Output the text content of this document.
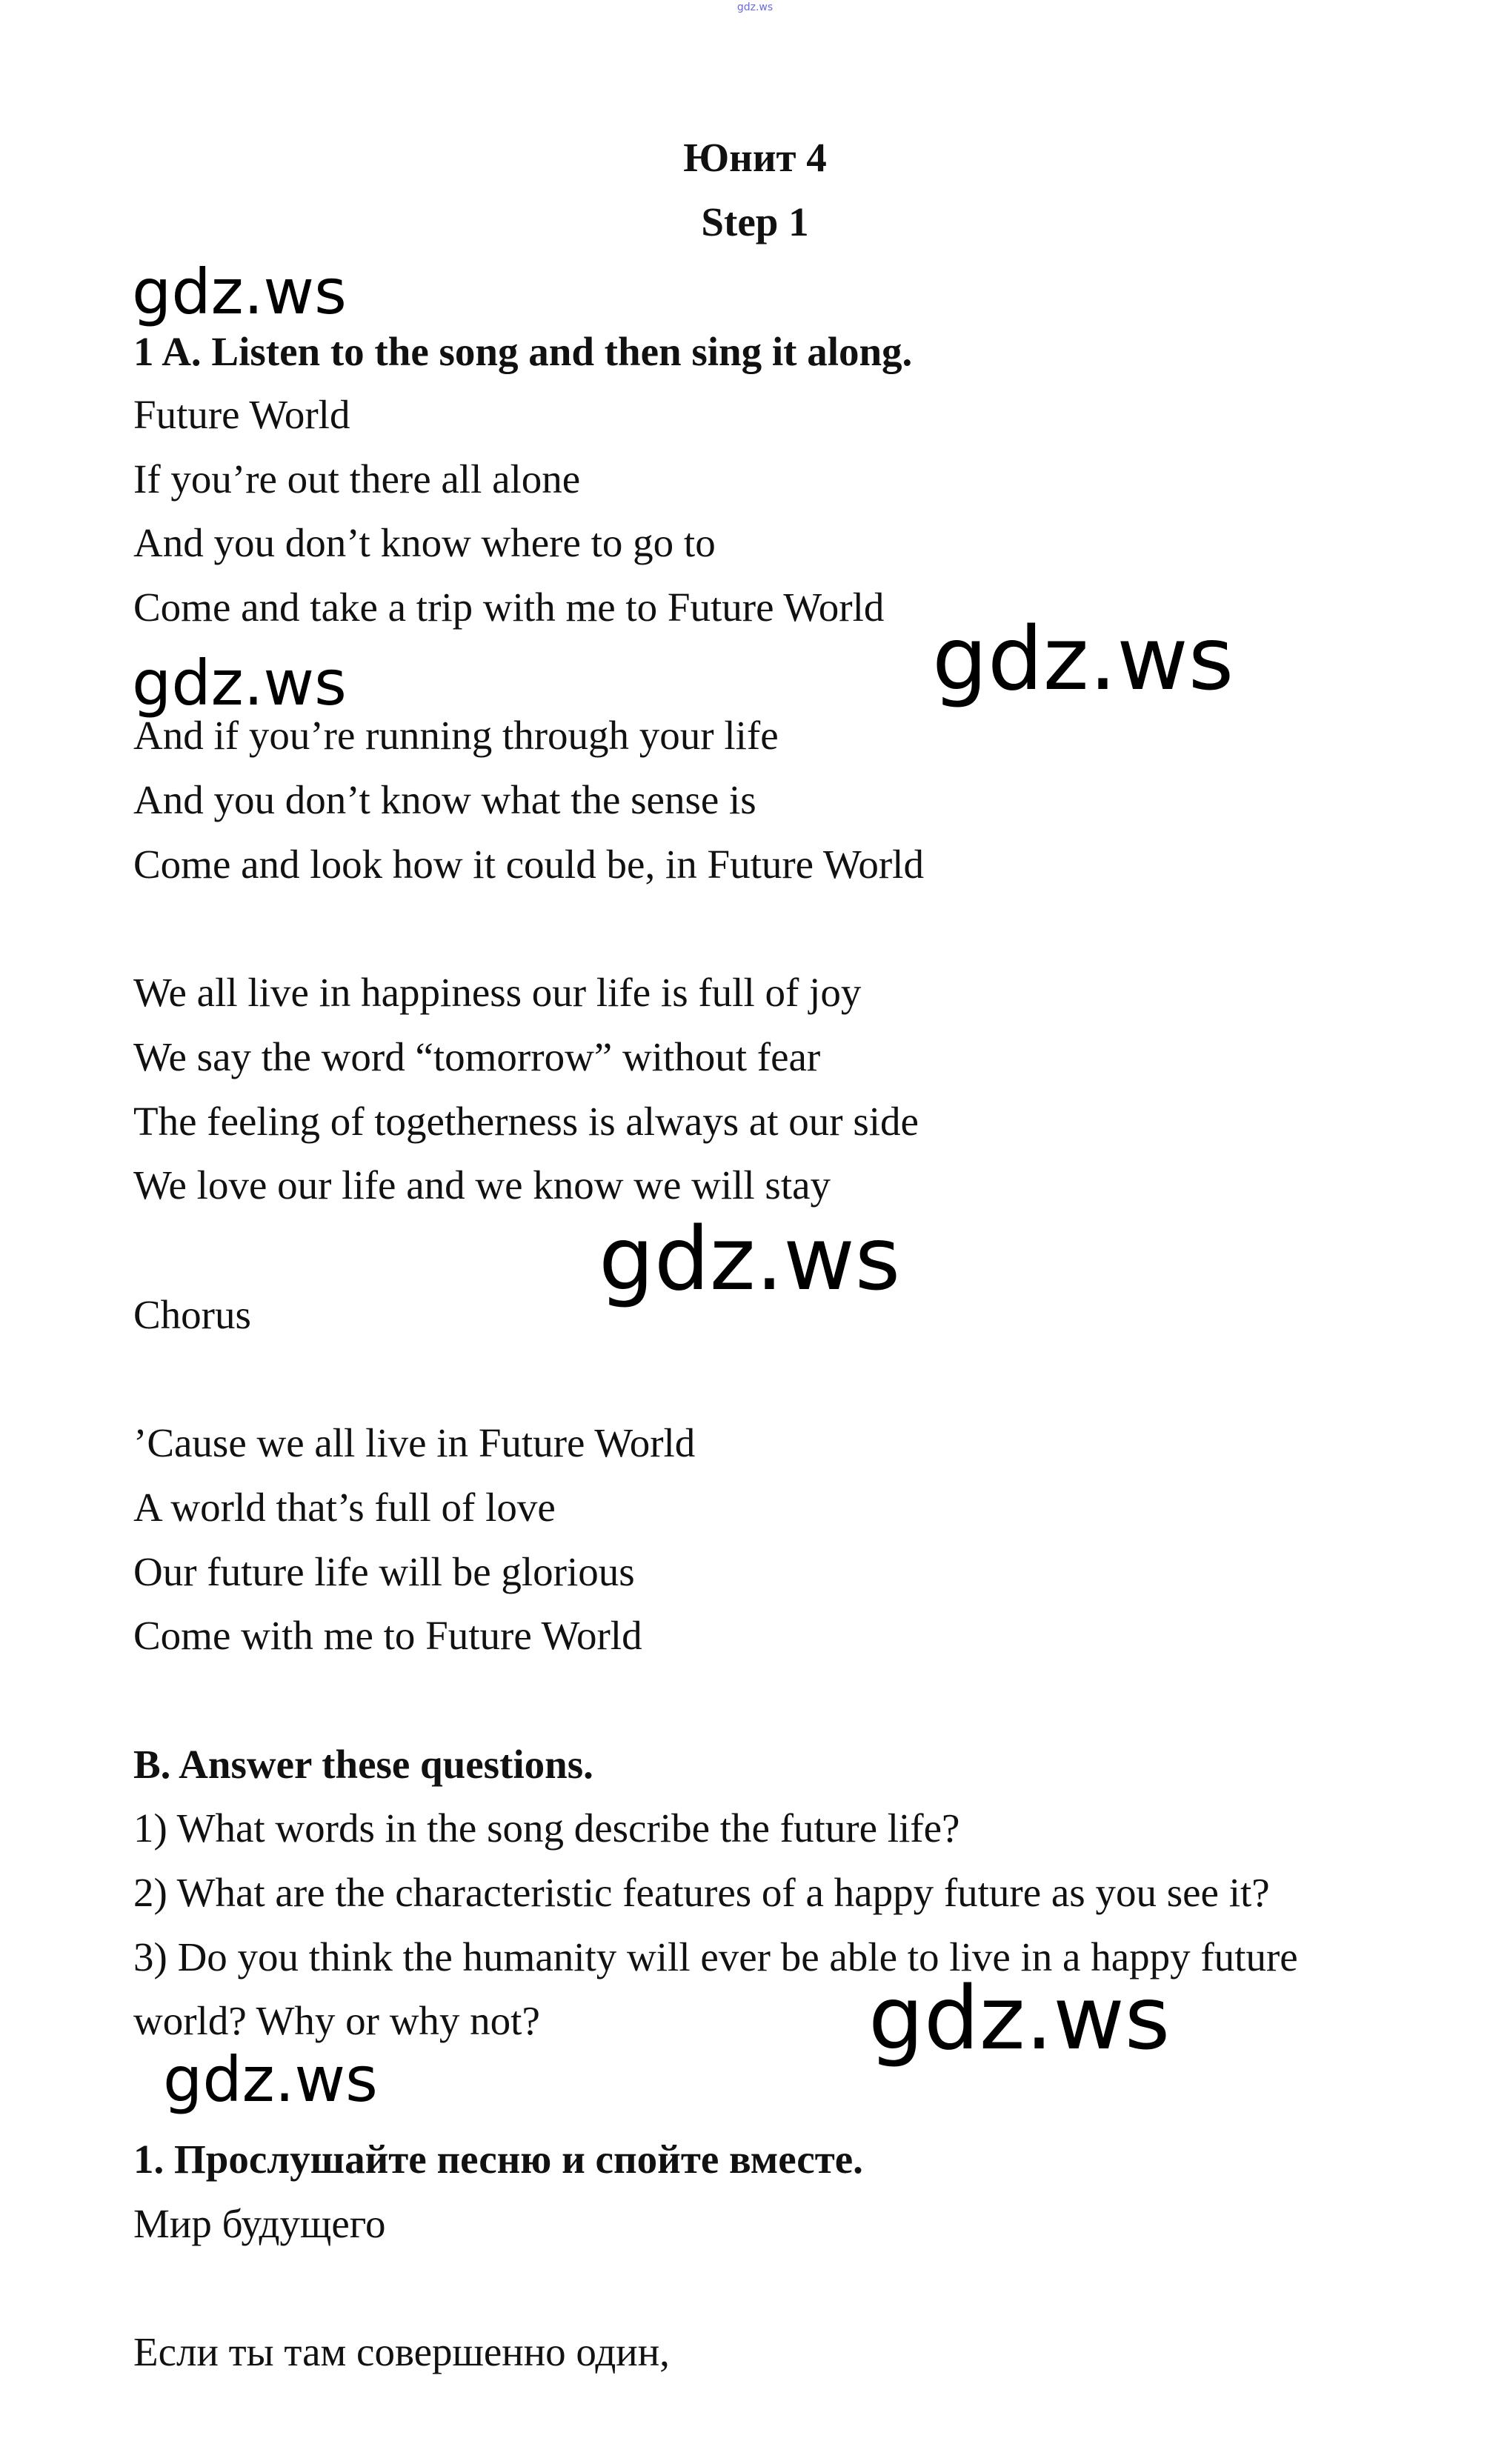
gdz.ws

Юнит 4

Step 1

gdz.ws

1 A. Listen to the song and then sing it along.

Future World

If you’re out there all alone

And you don’t know where to go to

Come and take a trip with me to Future World

gdz.ws

gdz.ws

And if you’re running through your life

And you don’t know what the sense is

Come and look how it could be, in Future World

We all live in happiness our life is full of joy

We say the word “tomorrow” without fear

The feeling of togetherness is always at our side

We love our life and we know we will stay

gdz.ws

Chorus

’Cause we all live in Future World

A world that’s full of love

Our future life will be glorious

Come with me to Future World

B. Answer these questions.

1) What words in the song describe the future life?

2) What are the characteristic features of a happy future as you see it?

3) Do you think the humanity will ever be able to live in a happy future

gdz.ws

world? Why or why not?

gdz.ws

1. Прослушайте песню и спойте вместе.

Мир будущего

Если ты там совершенно один,
